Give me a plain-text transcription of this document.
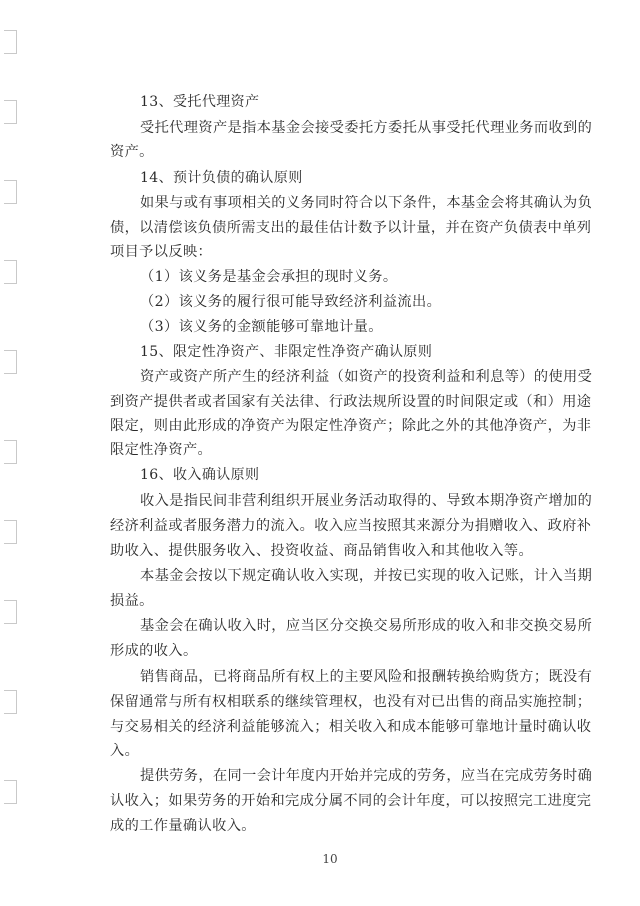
13、受托代理资产
受托代理资产是指本基金会接受委托方委托从事受托代理业务而收到的
资产。
14、预计负债的确认原则
如果与或有事项相关的义务同时符合以下条件，本基金会将其确认为负
债，以清偿该负债所需支出的最佳估计数予以计量，并在资产负债表中单列
项目予以反映：
（1）该义务是基金会承担的现时义务。
（2）该义务的履行很可能导致经济利益流出。
（3）该义务的金额能够可靠地计量。
15、限定性净资产、非限定性净资产确认原则
资产或资产所产生的经济利益（如资产的投资利益和利息等）的使用受
到资产提供者或者国家有关法律、行政法规所设置的时间限定或（和）用途
限定，则由此形成的净资产为限定性净资产；除此之外的其他净资产，为非
限定性净资产。
16、收入确认原则
收入是指民间非营利组织开展业务活动取得的、导致本期净资产增加的
经济利益或者服务潜力的流入。收入应当按照其来源分为捐赠收入、政府补
助收入、提供服务收入、投资收益、商品销售收入和其他收入等。
本基金会按以下规定确认收入实现，并按已实现的收入记账，计入当期
损益。
基金会在确认收入时，应当区分交换交易所形成的收入和非交换交易所
形成的收入。
销售商品，已将商品所有权上的主要风险和报酬转换给购货方；既没有
保留通常与所有权相联系的继续管理权，也没有对已出售的商品实施控制；
与交易相关的经济利益能够流入；相关收入和成本能够可靠地计量时确认收
入。
提供劳务，在同一会计年度内开始并完成的劳务，应当在完成劳务时确
认收入；如果劳务的开始和完成分属不同的会计年度，可以按照完工进度完
成的工作量确认收入。
10
